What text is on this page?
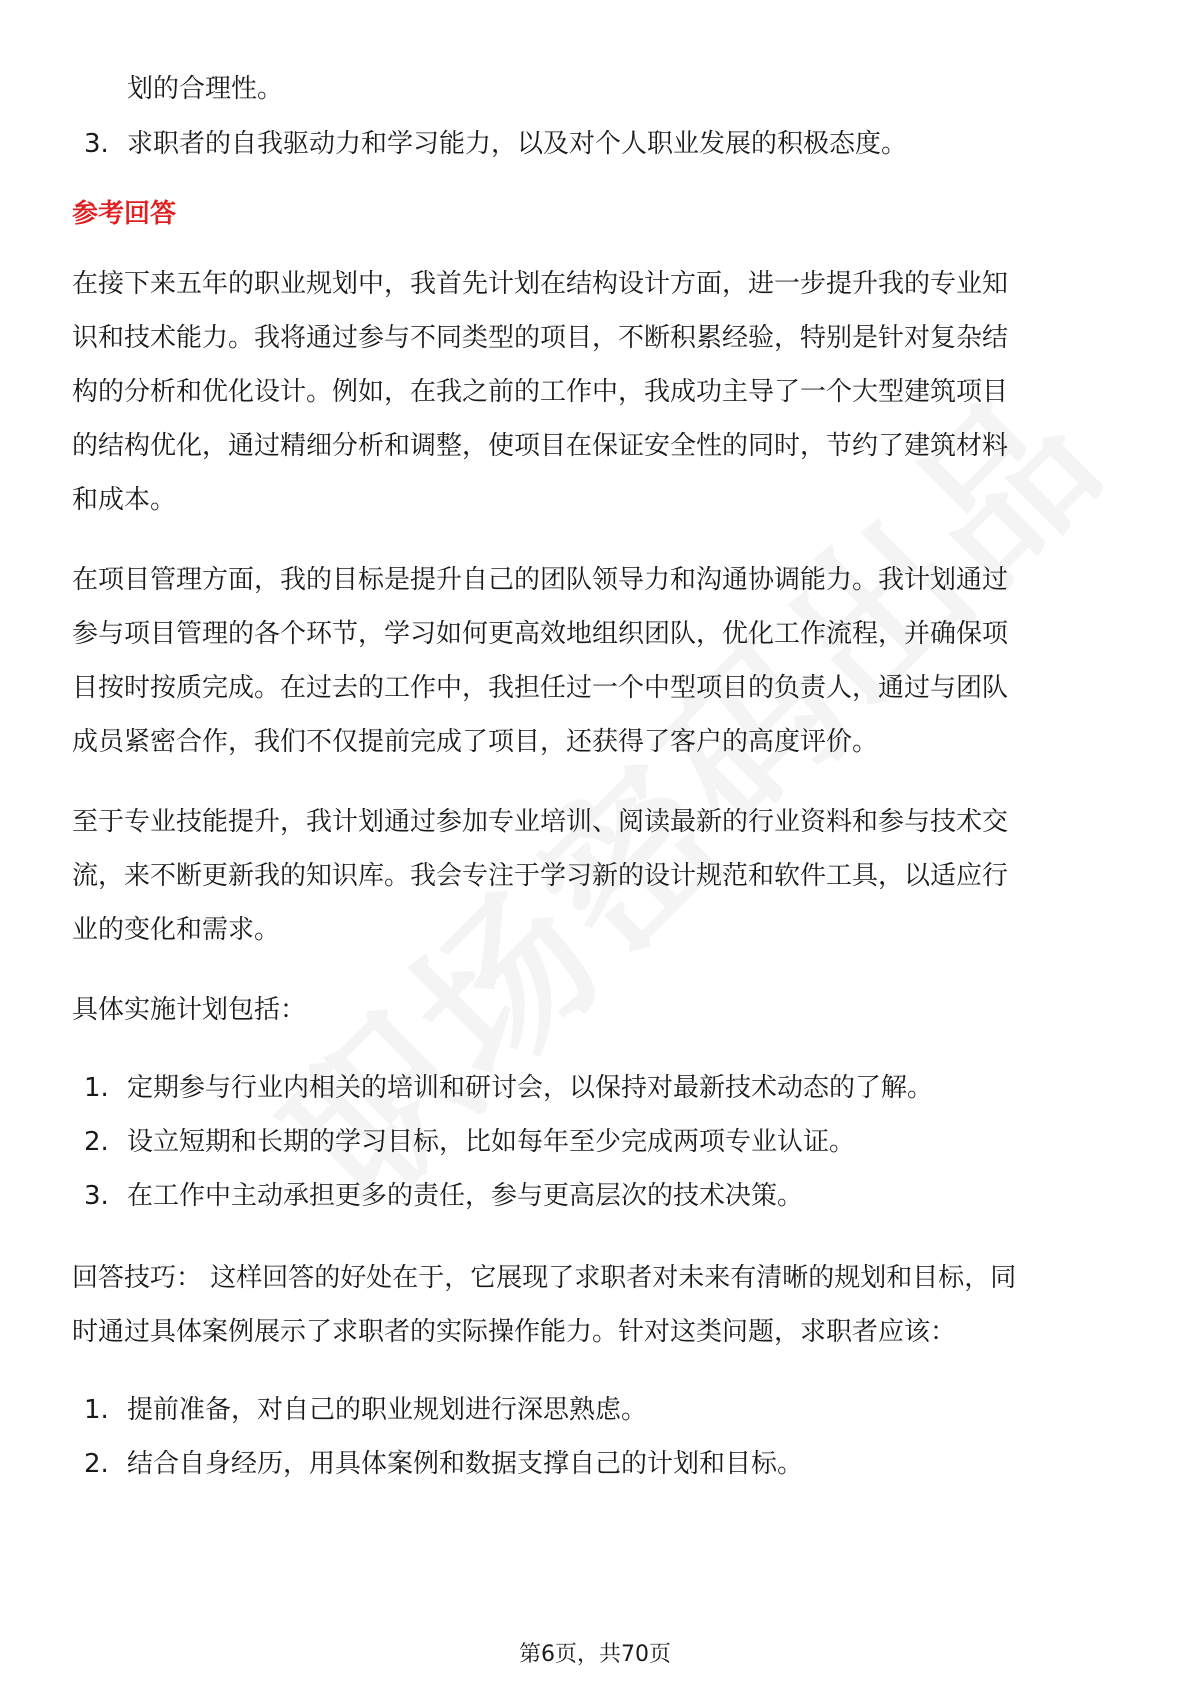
划的合理性。
3. 求职者的自我驱动力和学习能力，以及对个人职业发展的积极态度。
参考回答
在接下来五年的职业规划中，我首先计划在结构设计方面，进一步提升我的专业知
识和技术能力。我将通过参与不同类型的项目，不断积累经验，特别是针对复杂结
构的分析和优化设计。例如，在我之前的工作中，我成功主导了一个大型建筑项目
的结构优化，通过精细分析和调整，使项目在保证安全性的同时，节约了建筑材料
和成本。
在项目管理方面，我的目标是提升自己的团队领导力和沟通协调能力。我计划通过
参与项目管理的各个环节，学习如何更高效地组织团队，优化工作流程，并确保项
目按时按质完成。在过去的工作中，我担任过一个中型项目的负责人，通过与团队
成员紧密合作，我们不仅提前完成了项目，还获得了客户的高度评价。
至于专业技能提升，我计划通过参加专业培训、阅读最新的行业资料和参与技术交
流，来不断更新我的知识库。我会专注于学习新的设计规范和软件工具，以适应行
业的变化和需求。
具体实施计划包括：
1. 定期参与行业内相关的培训和研讨会，以保持对最新技术动态的了解。
2. 设立短期和长期的学习目标，比如每年至少完成两项专业认证。
3. 在工作中主动承担更多的责任，参与更高层次的技术决策。
回答技巧： 这样回答的好处在于，它展现了求职者对未来有清晰的规划和目标，同
时通过具体案例展示了求职者的实际操作能力。针对这类问题，求职者应该：
1. 提前准备，对自己的职业规划进行深思熟虑。
2. 结合自身经历，用具体案例和数据支撑自己的计划和目标。
第6页，共70页
